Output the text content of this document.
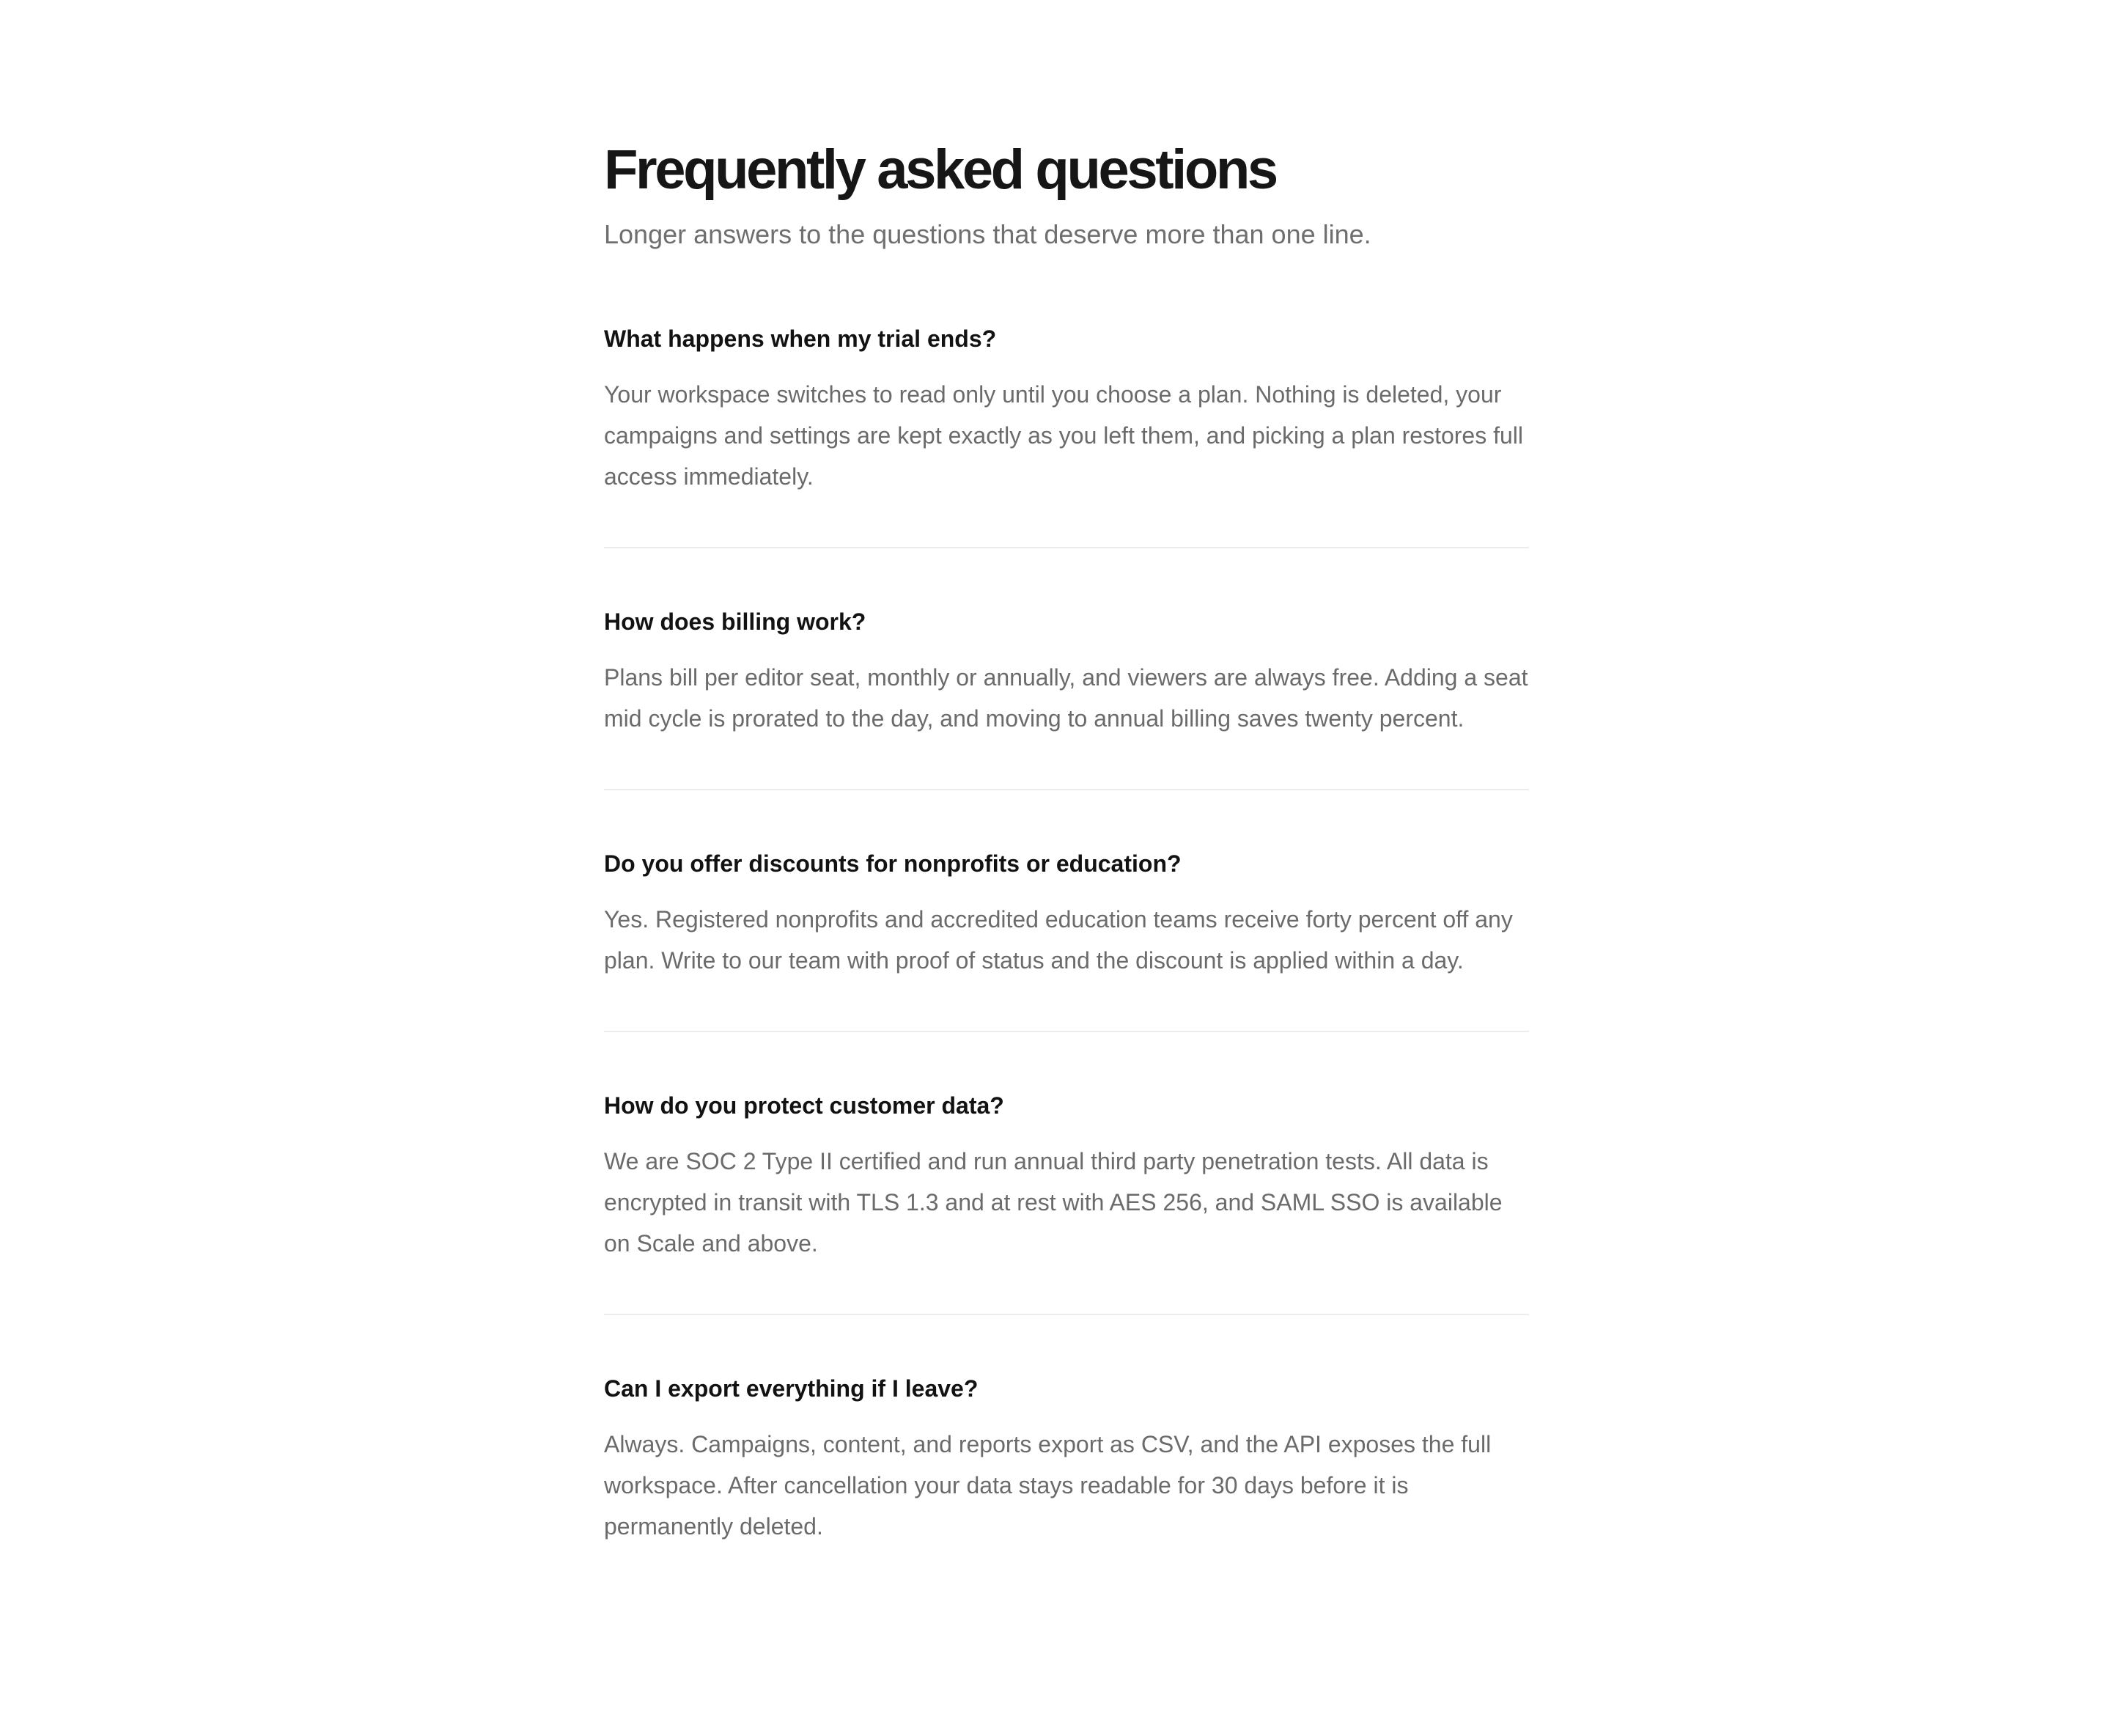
Frequently asked questions

Longer answers to the questions that deserve more than one line.

What happens when my trial ends?

Your workspace switches to read only until you choose a plan. Nothing is deleted, your campaigns and settings are kept exactly as you left them, and picking a plan restores full access immediately.

How does billing work?

Plans bill per editor seat, monthly or annually, and viewers are always free. Adding a seat mid cycle is prorated to the day, and moving to annual billing saves twenty percent.

Do you offer discounts for nonprofits or education?

Yes. Registered nonprofits and accredited education teams receive forty percent off any plan. Write to our team with proof of status and the discount is applied within a day.

How do you protect customer data?

We are SOC 2 Type II certified and run annual third party penetration tests. All data is encrypted in transit with TLS 1.3 and at rest with AES 256, and SAML SSO is available on Scale and above.

Can I export everything if I leave?

Always. Campaigns, content, and reports export as CSV, and the API exposes the full workspace. After cancellation your data stays readable for 30 days before it is permanently deleted.
